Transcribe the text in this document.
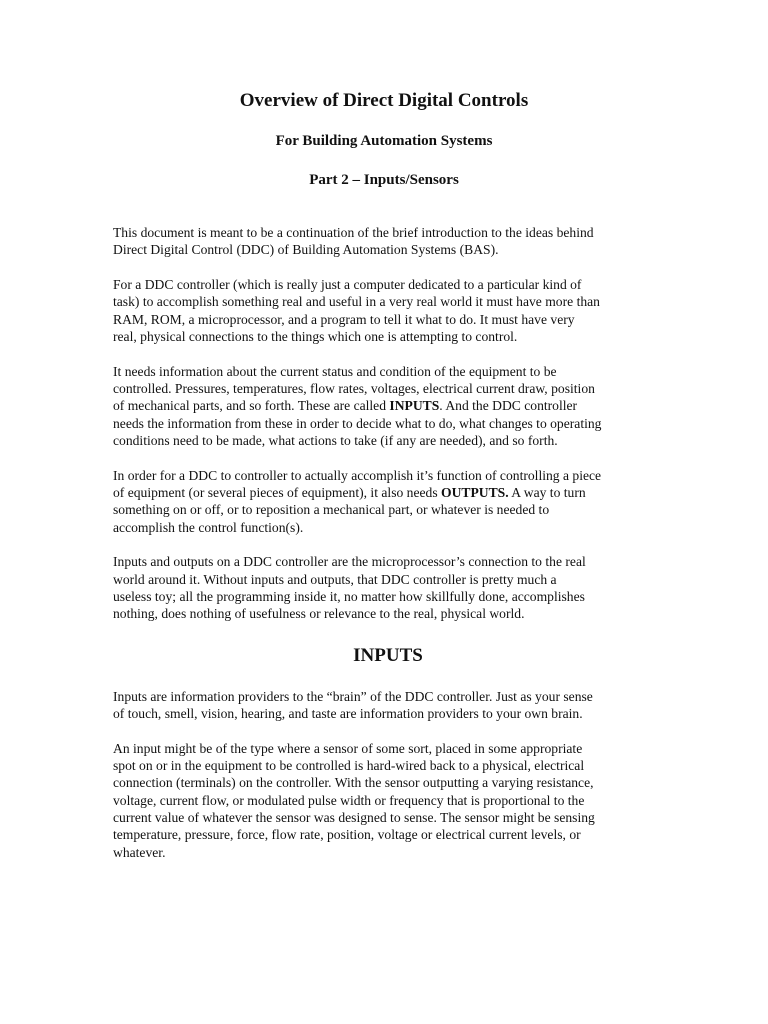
Overview of Direct Digital Controls
For Building Automation Systems
Part 2 – Inputs/Sensors

This document is meant to be a continuation of the brief introduction to the ideas behind
Direct Digital Control (DDC) of Building Automation Systems (BAS).

For a DDC controller (which is really just a computer dedicated to a particular kind of
task) to accomplish something real and useful in a very real world it must have more than
RAM, ROM, a microprocessor, and a program to tell it what to do. It must have very
real, physical connections to the things which one is attempting to control.

It needs information about the current status and condition of the equipment to be
controlled. Pressures, temperatures, flow rates, voltages, electrical current draw, position
of mechanical parts, and so forth. These are called INPUTS. And the DDC controller
needs the information from these in order to decide what to do, what changes to operating
conditions need to be made, what actions to take (if any are needed), and so forth.

In order for a DDC to controller to actually accomplish it’s function of controlling a piece
of equipment (or several pieces of equipment), it also needs OUTPUTS. A way to turn
something on or off, or to reposition a mechanical part, or whatever is needed to
accomplish the control function(s).

Inputs and outputs on a DDC controller are the microprocessor’s connection to the real
world around it. Without inputs and outputs, that DDC controller is pretty much a
useless toy; all the programming inside it, no matter how skillfully done, accomplishes
nothing, does nothing of usefulness or relevance to the real, physical world.

INPUTS

Inputs are information providers to the “brain” of the DDC controller. Just as your sense
of touch, smell, vision, hearing, and taste are information providers to your own brain.

An input might be of the type where a sensor of some sort, placed in some appropriate
spot on or in the equipment to be controlled is hard-wired back to a physical, electrical
connection (terminals) on the controller. With the sensor outputting a varying resistance,
voltage, current flow, or modulated pulse width or frequency that is proportional to the
current value of whatever the sensor was designed to sense. The sensor might be sensing
temperature, pressure, force, flow rate, position, voltage or electrical current levels, or
whatever.
